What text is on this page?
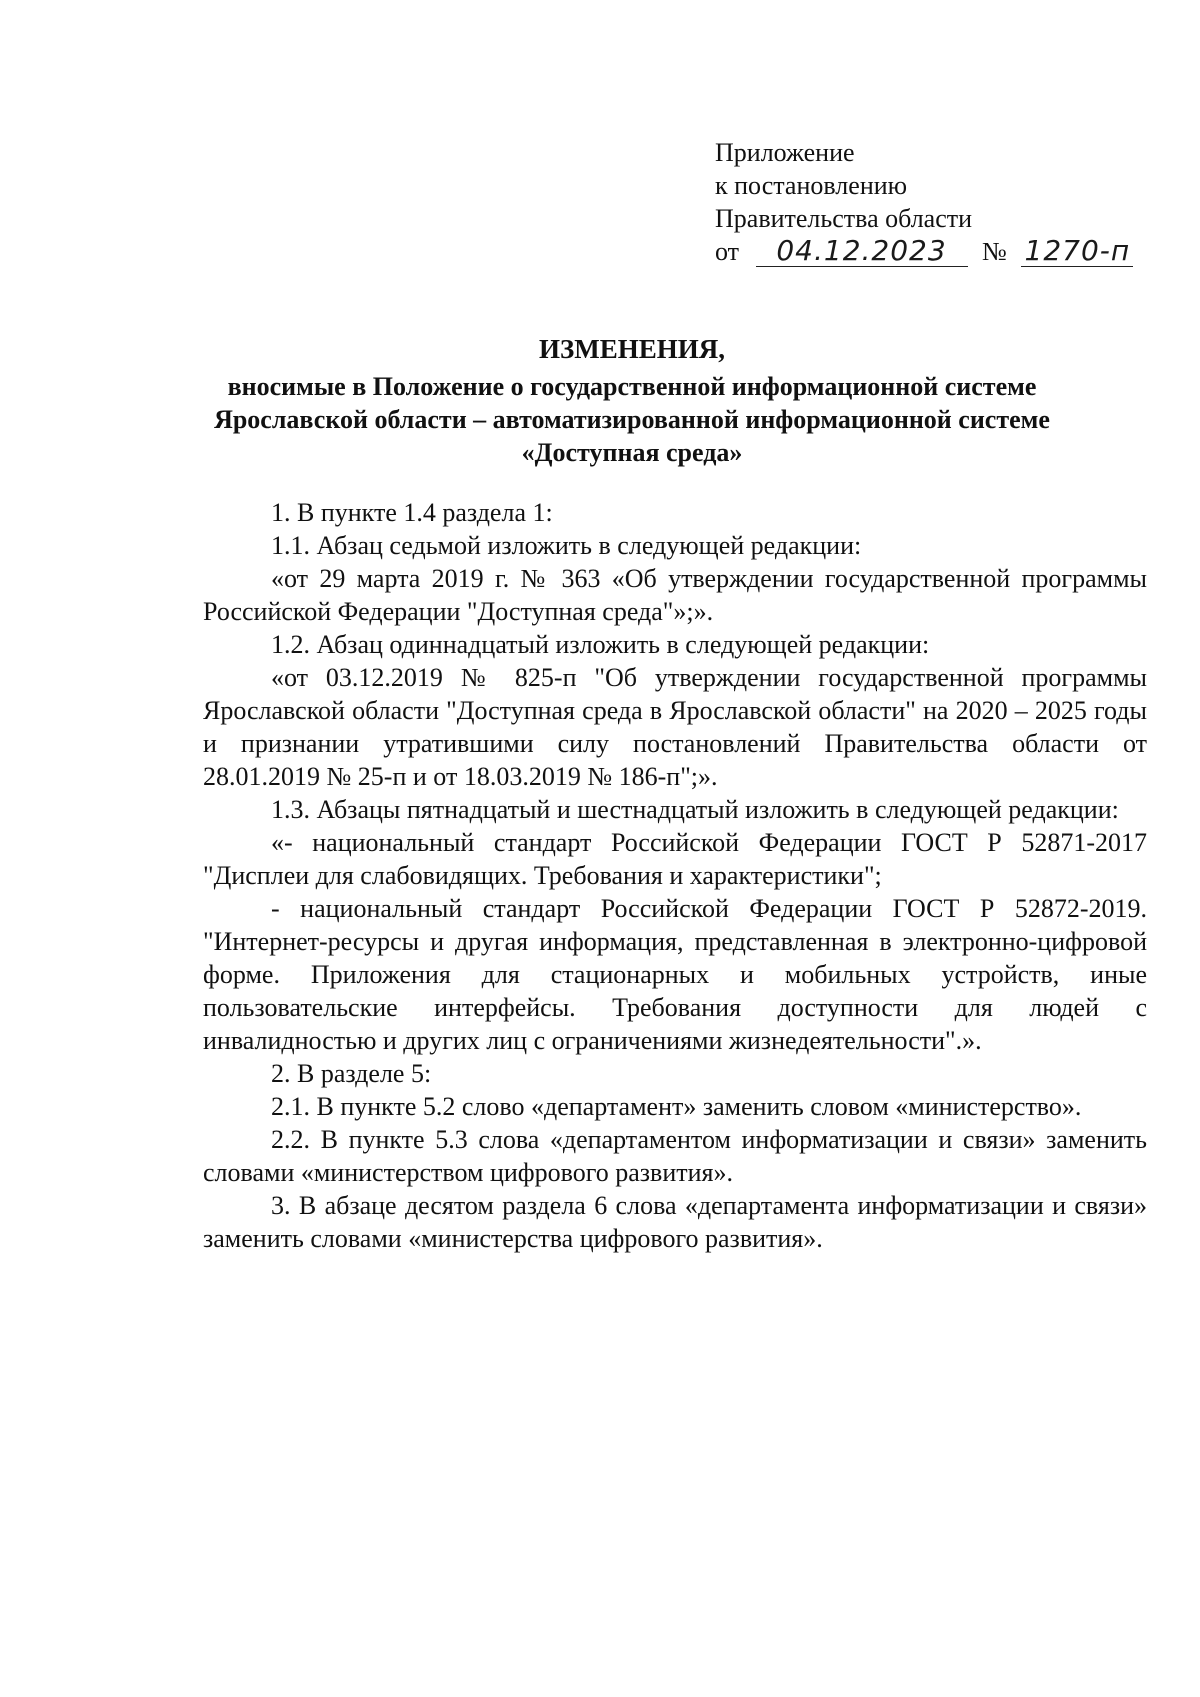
Приложение
к постановлению
Правительства области
от 04.12.2023 № 1270-п
ИЗМЕНЕНИЯ,
вносимые в Положение о государственной информационной системе
Ярославской области – автоматизированной информационной системе
«Доступная среда»

1. В пункте 1.4 раздела 1:

1.1. Абзац седьмой изложить в следующей редакции:

«от 29 марта 2019 г. № 363 «Об утверждении государственной программы Российской Федерации "Доступная среда"»;».

1.2. Абзац одиннадцатый изложить в следующей редакции:

«от 03.12.2019 № 825-п "Об утверждении государственной программы Ярославской области "Доступная среда в Ярославской области" на 2020 – 2025 годы и признании утратившими силу постановлений Правительства области от 28.01.2019 № 25-п и от 18.03.2019 № 186-п";».

1.3. Абзацы пятнадцатый и шестнадцатый изложить в следующей редакции:

«- национальный стандарт Российской Федерации ГОСТ Р 52871-2017 "Дисплеи для слабовидящих. Требования и характеристики";

- национальный стандарт Российской Федерации ГОСТ Р 52872-2019. "Интернет-ресурсы и другая информация, представленная в электронно-цифровой форме. Приложения для стационарных и мобильных устройств, иные пользовательские интерфейсы. Требования доступности для людей с инвалидностью и других лиц с ограничениями жизнедеятельности".».

2. В разделе 5:

2.1. В пункте 5.2 слово «департамент» заменить словом «министерство».

2.2. В пункте 5.3 слова «департаментом информатизации и связи» заменить словами «министерством цифрового развития».

3. В абзаце десятом раздела 6 слова «департамента информатизации и связи» заменить словами «министерства цифрового развития».
